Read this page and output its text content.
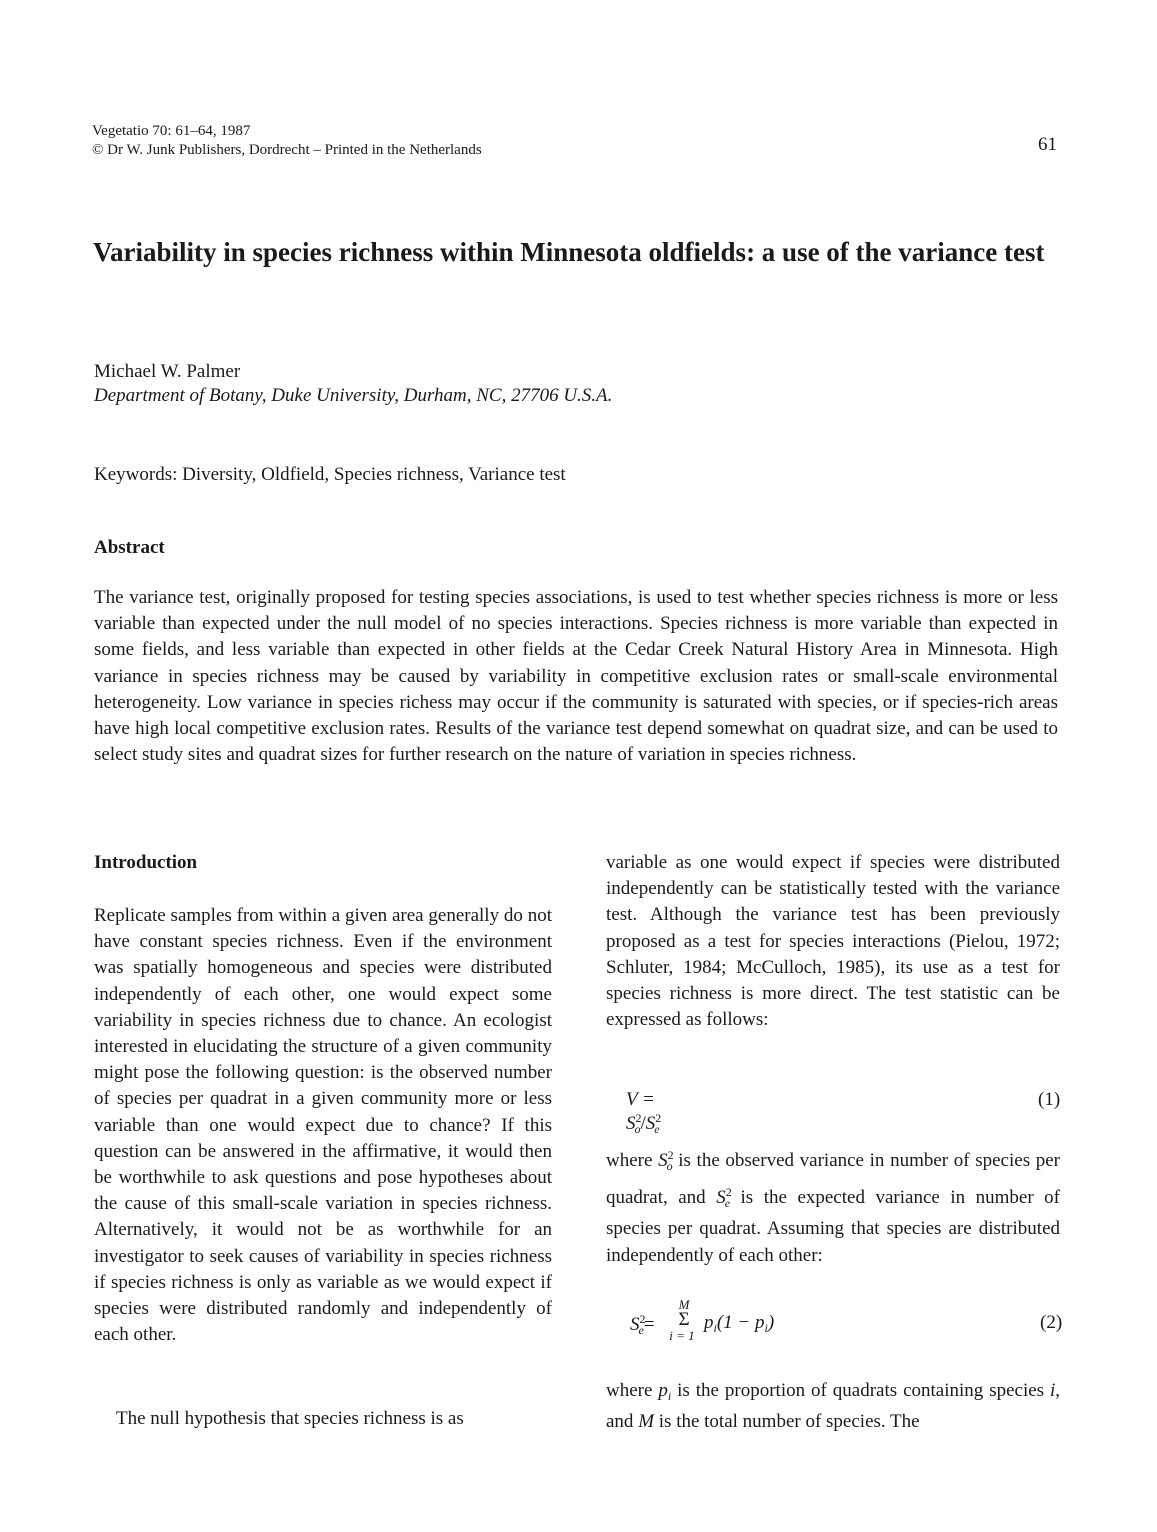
Vegetatio 70: 61–64, 1987
© Dr W. Junk Publishers, Dordrecht – Printed in the Netherlands	61
Variability in species richness within Minnesota oldfields: a use of the variance test
Michael W. Palmer
Department of Botany, Duke University, Durham, NC, 27706 U.S.A.
Keywords: Diversity, Oldfield, Species richness, Variance test
Abstract
The variance test, originally proposed for testing species associations, is used to test whether species richness is more or less variable than expected under the null model of no species interactions. Species richness is more variable than expected in some fields, and less variable than expected in other fields at the Cedar Creek Natural History Area in Minnesota. High variance in species richness may be caused by variability in competitive exclusion rates or small-scale environmental heterogeneity. Low variance in species richess may occur if the community is saturated with species, or if species-rich areas have high local competitive exclusion rates. Results of the variance test depend somewhat on quadrat size, and can be used to select study sites and quadrat sizes for further research on the nature of variation in species richness.
Introduction
Replicate samples from within a given area generally do not have constant species richness. Even if the environment was spatially homogeneous and species were distributed independently of each other, one would expect some variability in species richness due to chance. An ecologist interested in elucidating the structure of a given community might pose the following question: is the observed number of species per quadrat in a given community more or less variable than one would expect due to chance? If this question can be answered in the affirmative, it would then be worthwhile to ask questions and pose hypotheses about the cause of this small-scale variation in species richness. Alternatively, it would not be as worthwhile for an investigator to seek causes of variability in species richness if species richness is only as variable as we would expect if species were distributed randomly and independently of each other.
The null hypothesis that species richness is as
variable as one would expect if species were distributed independently can be statistically tested with the variance test. Although the variance test has been previously proposed as a test for species interactions (Pielou, 1972; Schluter, 1984; McCulloch, 1985), its use as a test for species richness is more direct. The test statistic can be expressed as follows:
$V = S^2_o/S^2_e$
(1)
where $S^2_o$ is the observed variance in number of species per quadrat, and $S^2_e$ is the expected variance in number of species per quadrat. Assuming that species are distributed independently of each other:
$S^2_e=$
M
Σ
i = 1
$p_i(1 - p_i)$	(2)
where $p_i$ is the proportion of quadrats containing species i, and M is the total number of species. The
